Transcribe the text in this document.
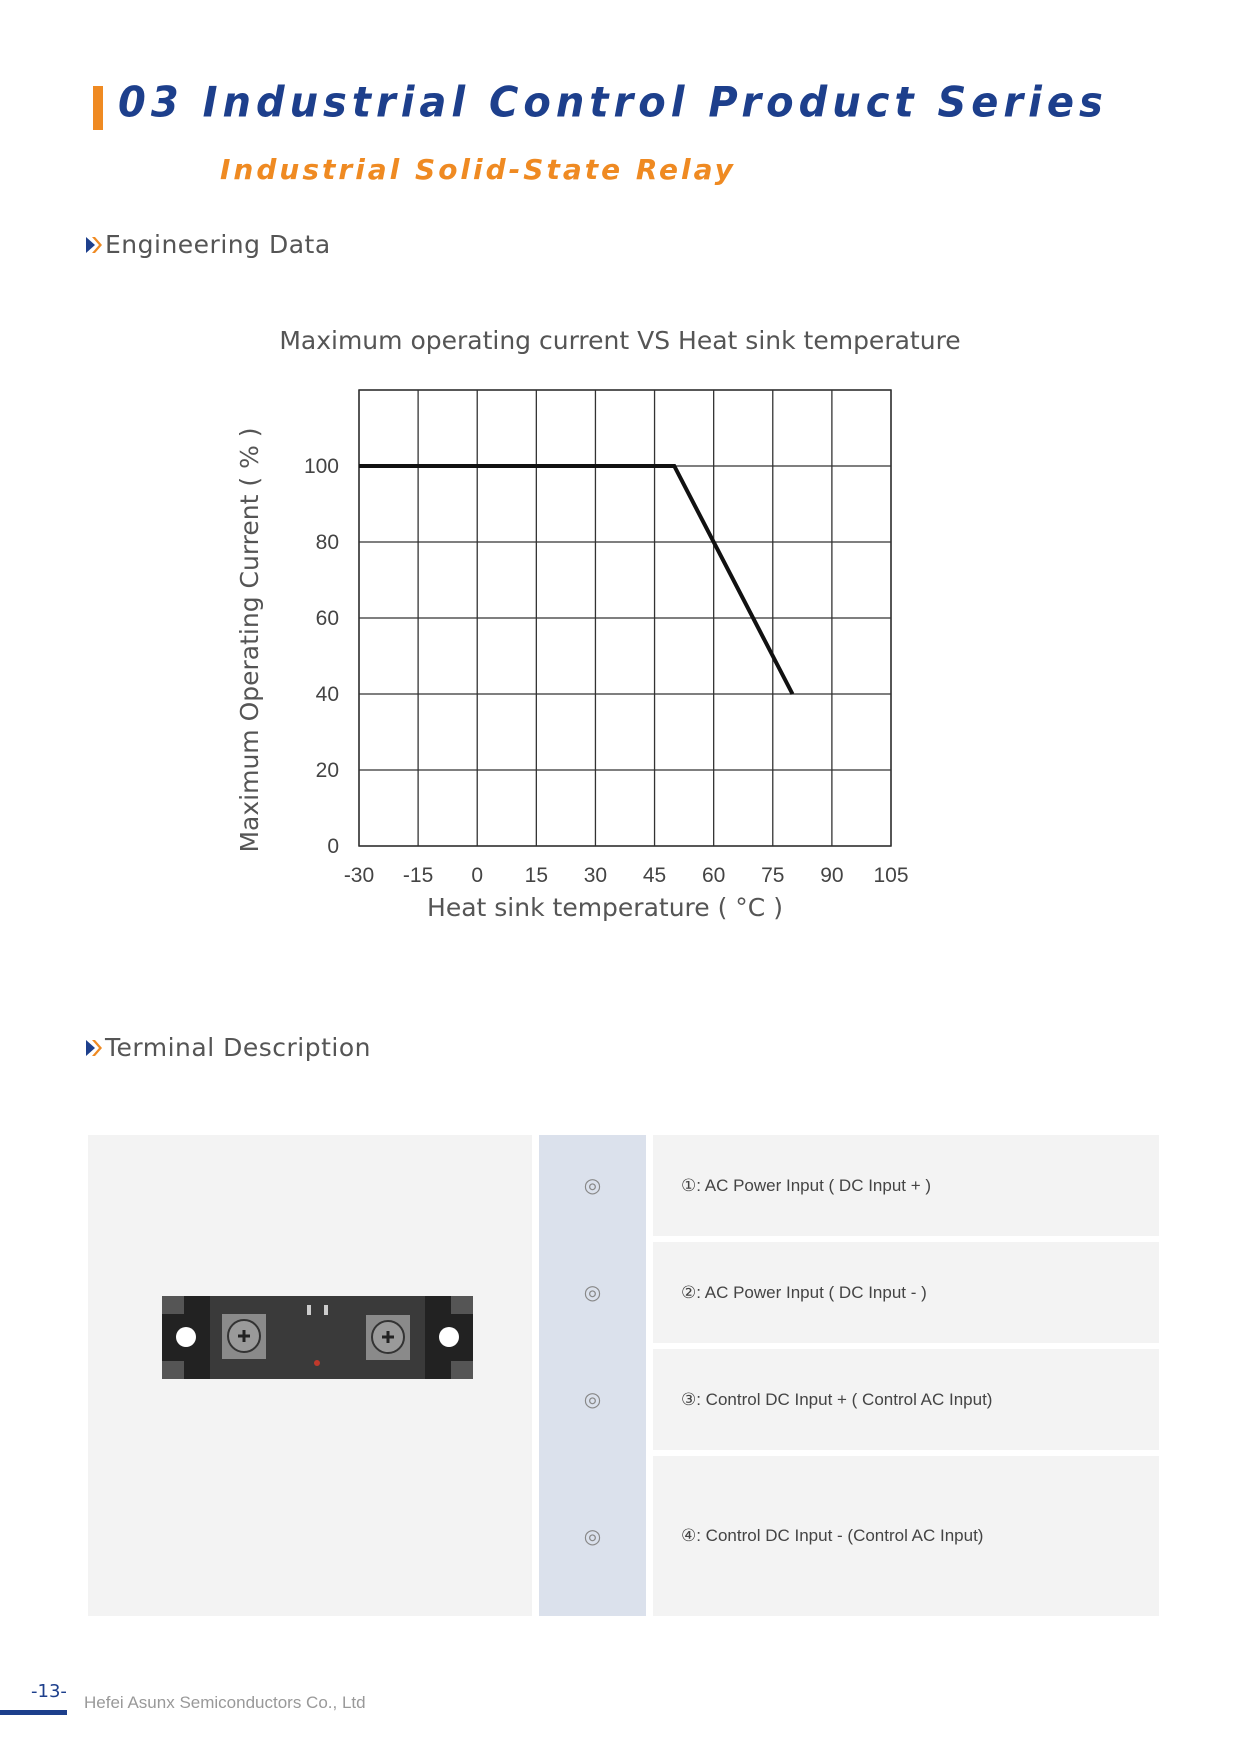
03 Industrial Control Product Series
Industrial Solid-State Relay
Engineering Data
Maximum operating current VS Heat sink temperature
-30 -15 0 15 30 45 60 75 90 105
0
20
40
60
80
100
Heat sink temperature ( °C )
Maximum Operating Current ( % )
Terminal Description
①: AC Power Input ( DC Input + )
◎
②: AC Power Input ( DC Input - )
◎
③: Control DC Input + ( Control AC Input)
◎
④: Control DC Input - (Control AC Input)
◎
-13-
Hefei Asunx Semiconductors Co., Ltd
